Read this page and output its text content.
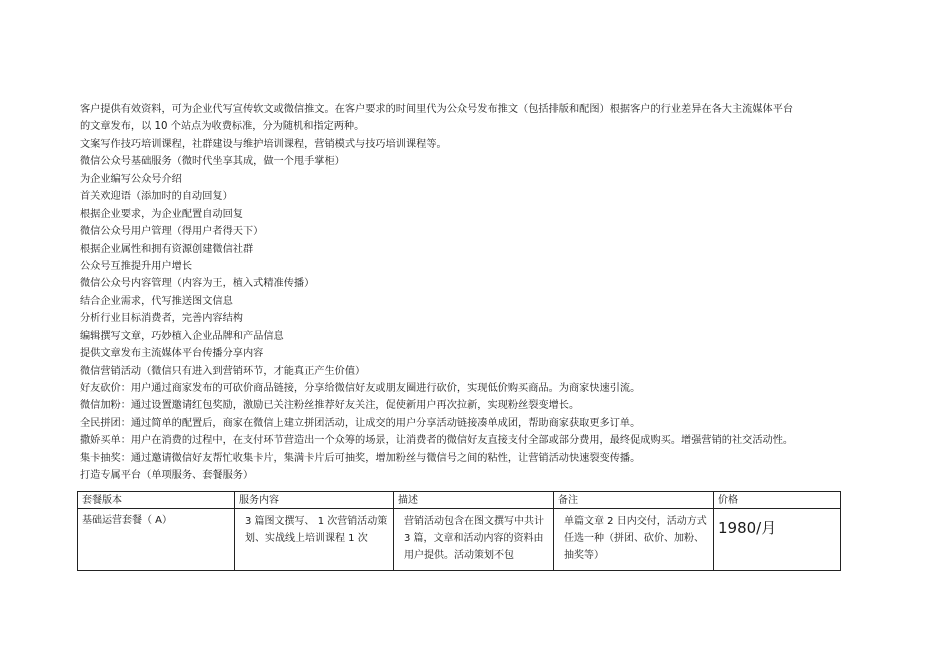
客户提供有效资料，可为企业代写宣传软文或微信推文。在客户要求的时间里代为公众号发布推文（包括排版和配图）根据客户的行业差异在各大主流媒体平台
的文章发布，以 10 个站点为收费标准，分为随机和指定两种。
文案写作技巧培训课程，社群建设与维护培训课程，营销模式与技巧培训课程等。
微信公众号基础服务（微时代坐享其成，做一个甩手掌柜）
为企业编写公众号介绍
首关欢迎语（添加时的自动回复）
根据企业要求，为企业配置自动回复
微信公众号用户管理（得用户者得天下）
根据企业属性和拥有资源创建微信社群
公众号互推提升用户增长
微信公众号内容管理（内容为王，植入式精准传播）
结合企业需求，代写推送图文信息
分析行业目标消费者，完善内容结构
编辑撰写文章，巧妙植入企业品牌和产品信息
提供文章发布主流媒体平台传播分享内容
微信营销活动（微信只有进入到营销环节，才能真正产生价值）
好友砍价：用户通过商家发布的可砍价商品链接，分享给微信好友或朋友圈进行砍价，实现低价购买商品。为商家快速引流。
微信加粉：通过设置邀请红包奖励，激励已关注粉丝推荐好友关注，促使新用户再次拉新，实现粉丝裂变增长。
全民拼团：通过简单的配置后，商家在微信上建立拼团活动，让成交的用户分享活动链接凑单成团，帮助商家获取更多订单。
撒娇买单：用户在消费的过程中，在支付环节营造出一个众筹的场景，让消费者的微信好友直接支付全部或部分费用，最终促成购买。增强营销的社交活动性。
集卡抽奖：通过邀请微信好友帮忙收集卡片，集满卡片后可抽奖，增加粉丝与微信号之间的粘性，让营销活动快速裂变传播。
打造专属平台（单项服务、套餐服务）
套餐版本	服务内容	描述	备注	价格
基础运营套餐（ A）	3 篇图文撰写、 1 次营销活动策划、实战线上培训课程 1 次	营销活动包含在图文撰写中共计 3 篇，文章和活动内容的资料由用户提供。活动策划不包	单篇文章 2 日内交付，活动方式任选一种（拼团、砍价、加粉、抽奖等）	1980/月
